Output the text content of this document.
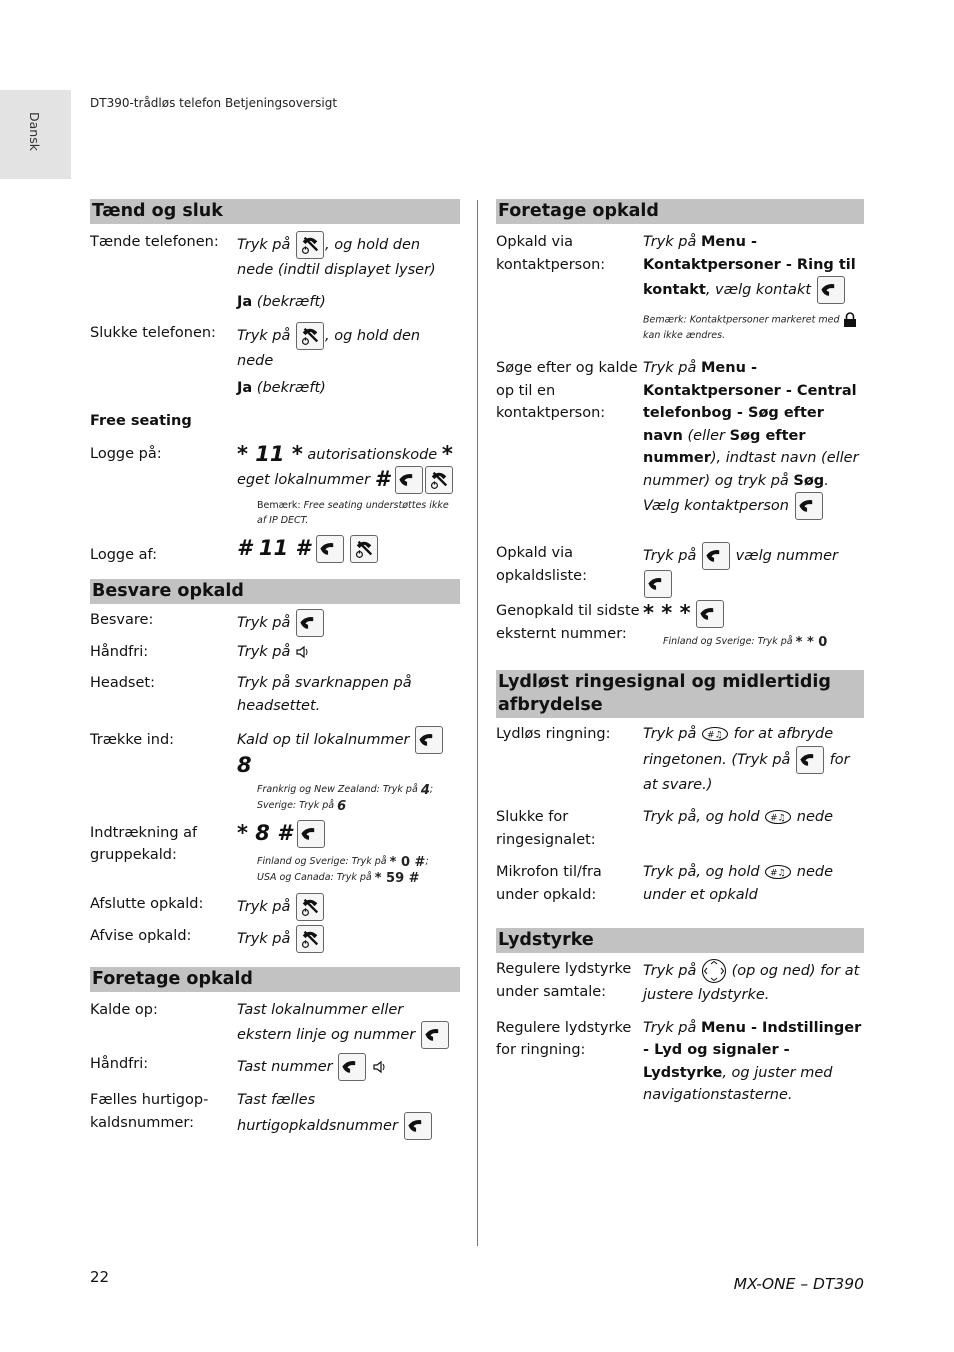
Dansk
DT390-trådløs telefon Betjeningsoversigt
Tænd og sluk
Tænde telefonen:	Tryk på , og hold den nede (indtil displayet lyser)
Ja (bekræft)
Slukke telefonen:	Tryk på , og hold den nede
Ja (bekræft)
Free seating
Logge på:	* 11 * autorisationskode * eget lokalnummer #
Bemærk: Free seating understøttes ikke af IP DECT.
Logge af:	# 11 #

Besvare opkald
Besvare:	Tryk på
Håndfri:	Tryk på
Headset:	Tryk på svarknappen på headsettet.
Trække ind:	Kald op til lokalnummer
8
Frankrig og New Zealand: Tryk på 4;
Sverige: Tryk på 6
Indtrækning af gruppekald:
* 8 #
Finland og Sverige: Tryk på * 0 #;
USA og Canada: Tryk på * 59 #
Afslutte opkald:	Tryk på
Afvise opkald:	Tryk på
Foretage opkald
Kalde op:	Tast lokalnummer eller ekstern linje og nummer
Håndfri:	Tast nummer

Fælles hurtigopkaldsnummer:
Tast fælles hurtigopkaldsnummer
Foretage opkald
Opkald via kontaktperson:
Tryk på Menu - Kontaktpersoner - Ring til kontakt, vælg kontakt
Bemærk: Kontaktpersoner markeret med  kan ikke ændres.
Søge efter og kalde op til en kontaktperson:
Tryk på Menu - Kontaktpersoner - Central telefonbog - Søg efter navn (eller Søg efter nummer), indtast navn (eller nummer) og tryk på Søg. Vælg kontaktperson
Opkald via opkaldsliste:
Tryk på
vælg nummer
Genopkald til sidste eksternt nummer:
* * *
Finland og Sverige: Tryk på * * 0
Lydløst ringesignal og midlertidig afbrydelse
Lydløs ringning:	Tryk på #♫ for at afbryde ringetonen. (Tryk på
for at svare.)
Slukke for ringesignalet:
Tryk på, og hold #♫ nede
Mikrofon til/fra under opkald:
Tryk på, og hold #♫ nede under et opkald
Lydstyrke
Regulere lydstyrke under samtale:
Tryk på  (op og ned) for at justere lydstyrke.
Regulere lydstyrke for ringning:
Tryk på Menu - Indstillinger - Lyd og signaler - Lydstyrke, og juster med navigationstasterne.
22	MX-ONE – DT390
